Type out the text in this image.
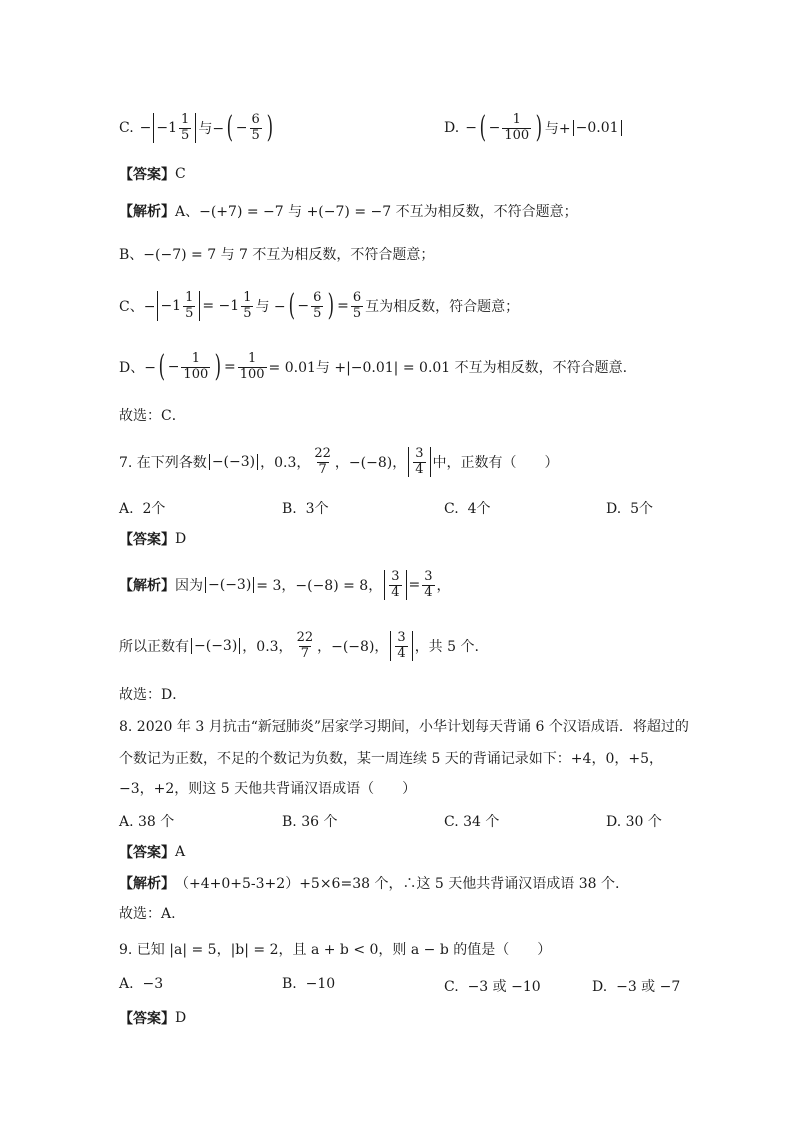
C. − $-1 \frac{1}{5}$ 与− ( − $\frac{6}{5}$ )	D. − ( − $\frac{1}{100}$ ) 与+ −0.01
【答案】 C
【解析】 A、−(+7) = −7 与 +(−7) = −7 不互为相反数，不符合题意；
B、−(−7) = 7 与 7 不互为相反数，不符合题意；
C、− $-1 \frac{1}{5} = -1 \frac{1}{5}$ 与 − ( − $\frac{6}{5}$ ) = $\frac{6}{5}$ 互为相反数，符合题意；
D、− ( − $\frac{1}{100}$ ) = $\frac{1}{100} = 0.01$与 +|−0.01| = 0.01 不互为相反数，不符合题意.
故选：C．
7. 在下列各数 −(−3) ，0.3， $\frac{22}{7}$ ，−(−8)， $\frac{3}{4}$ 中，正数有（　　）
A. 2个	B. 3个	C. 4个	D. 5个
【答案】 D
【解析】 因为 −(−3) = 3，−(−8) = 8， $\frac{3}{4} = \frac{3}{4}$ ，
所以正数有 −(−3) ，0.3， $\frac{22}{7}$ ，−(−8)， $\frac{3}{4}$ ，共 5 个.
故选：D．
8. 2020 年 3 月抗击“新冠肺炎”居家学习期间，小华计划每天背诵 6 个汉语成语．将超过的
个数记为正数，不足的个数记为负数，某一周连续 5 天的背诵记录如下：+4，0，+5，
−3，+2，则这 5 天他共背诵汉语成语（　　）
A. 38 个	B. 36 个	C. 34 个	D. 30 个
【答案】 A
【解析】 （+4+0+5-3+2）+5×6=38 个，∴这 5 天他共背诵汉语成语 38 个.
故选：A.
9. 已知 |a| = 5，|b| = 2，且 a + b < 0，则 a − b 的值是（　　）
A. −3	B. −10	C. −3 或 −10	D. −3 或 −7
【答案】 D
